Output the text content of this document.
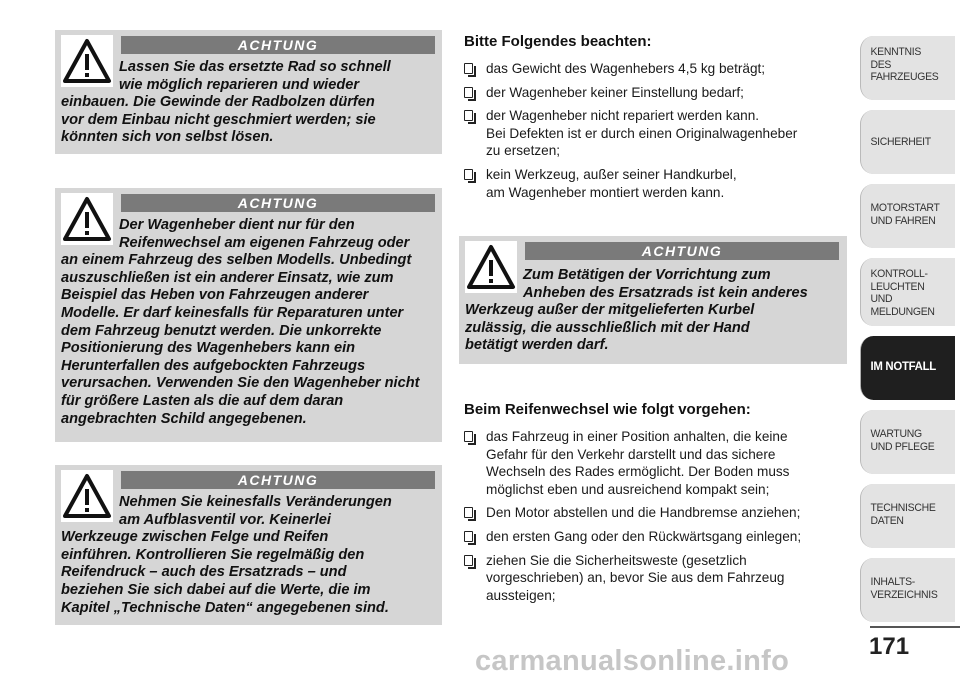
ACHTUNG
Lassen Sie das ersetzte Rad so schnell
wie möglich reparieren und wieder
einbauen. Die Gewinde der Radbolzen dürfen
vor dem Einbau nicht geschmiert werden; sie
könnten sich von selbst lösen.
ACHTUNG
Der Wagenheber dient nur für den
Reifenwechsel am eigenen Fahrzeug oder
an einem Fahrzeug des selben Modells. Unbedingt
auszuschließen ist ein anderer Einsatz, wie zum
Beispiel das Heben von Fahrzeugen anderer
Modelle. Er darf keinesfalls für Reparaturen unter
dem Fahrzeug benutzt werden. Die unkorrekte
Positionierung des Wagenhebers kann ein
Herunterfallen des aufgebockten Fahrzeugs
verursachen. Verwenden Sie den Wagenheber nicht
für größere Lasten als die auf dem daran
angebrachten Schild angegebenen.
ACHTUNG
Nehmen Sie keinesfalls Veränderungen
am Aufblasventil vor. Keinerlei
Werkzeuge zwischen Felge und Reifen
einführen. Kontrollieren Sie regelmäßig den
Reifendruck – auch des Ersatzrads – und
beziehen Sie sich dabei auf die Werte, die im
Kapitel „Technische Daten“ angegebenen sind.
Bitte Folgendes beachten:
das Gewicht des Wagenhebers 4,5 kg beträgt;
der Wagenheber keiner Einstellung bedarf;
der Wagenheber nicht repariert werden kann.
Bei Defekten ist er durch einen Originalwagenheber
zu ersetzen;
kein Werkzeug, außer seiner Handkurbel,
am Wagenheber montiert werden kann.
ACHTUNG
Zum Betätigen der Vorrichtung zum
Anheben des Ersatzrads ist kein anderes
Werkzeug außer der mitgelieferten Kurbel
zulässig, die ausschließlich mit der Hand
betätigt werden darf.
Beim Reifenwechsel wie folgt vorgehen:
das Fahrzeug in einer Position anhalten, die keine
Gefahr für den Verkehr darstellt und das sichere
Wechseln des Rades ermöglicht. Der Boden muss
möglichst eben und ausreichend kompakt sein;
Den Motor abstellen und die Handbremse anziehen;
den ersten Gang oder den Rückwärtsgang einlegen;
ziehen Sie die Sicherheitsweste (gesetzlich
vorgeschrieben) an, bevor Sie aus dem Fahrzeug
aussteigen;
KENNTNIS
DES FAHRZEUGES
SICHERHEIT
MOTORSTART
UND FAHREN
KONTROLL-
LEUCHTEN
UND MELDUNGEN
IM NOTFALL
WARTUNG
UND PFLEGE
TECHNISCHE
DATEN
INHALTS-
VERZEICHNIS
171
carmanualsonline.info
